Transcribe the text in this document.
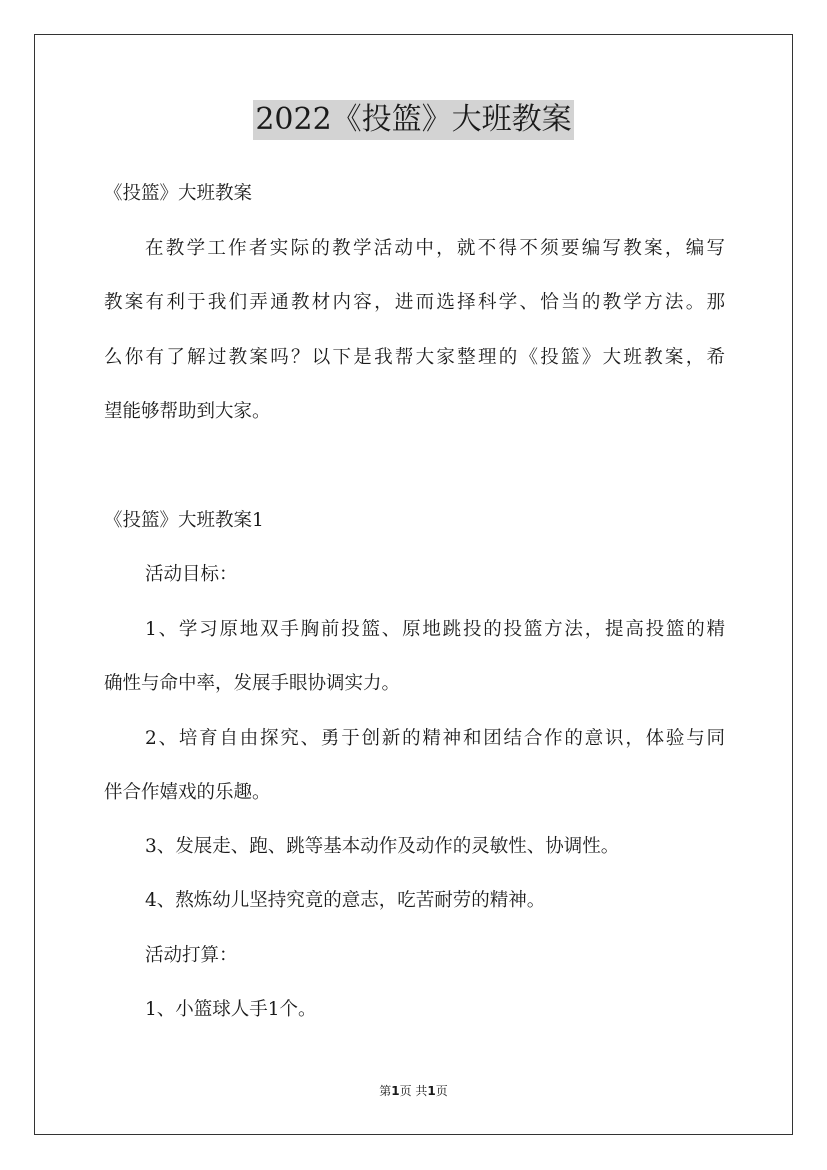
2022《投篮》大班教案
《投篮》大班教案
在教学工作者实际的教学活动中，就不得不须要编写教案，编写
教案有利于我们弄通教材内容，进而选择科学、恰当的教学方法。那
么你有了解过教案吗？以下是我帮大家整理的《投篮》大班教案，希
望能够帮助到大家。
《投篮》大班教案1
活动目标：
1、学习原地双手胸前投篮、原地跳投的投篮方法，提高投篮的精
确性与命中率，发展手眼协调实力。
2、培育自由探究、勇于创新的精神和团结合作的意识，体验与同
伴合作嬉戏的乐趣。
3、发展走、跑、跳等基本动作及动作的灵敏性、协调性。
4、熬炼幼儿坚持究竟的意志，吃苦耐劳的精神。
活动打算：
1、小篮球人手1个。
第1页 共1页
